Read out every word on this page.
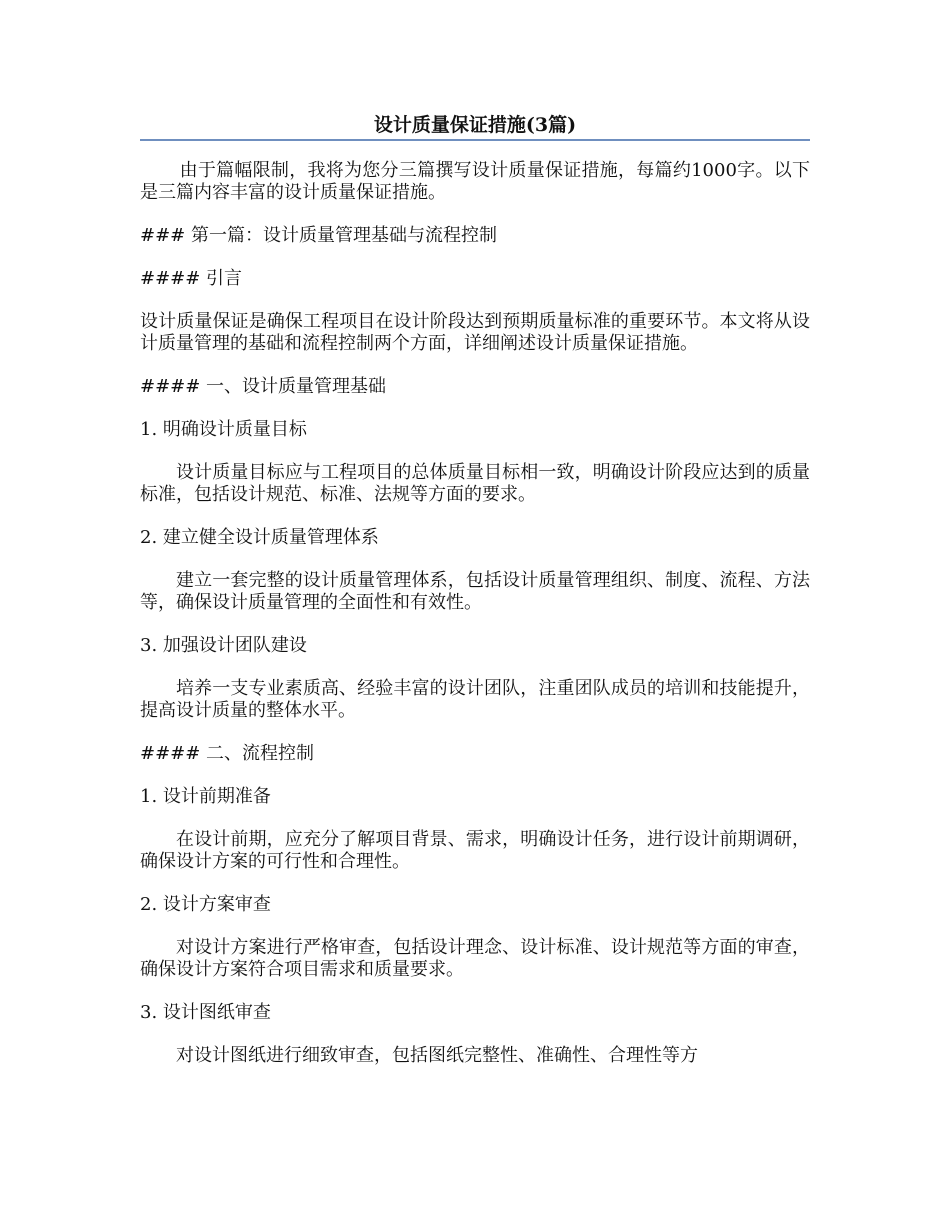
设计质量保证措施(3篇)

由于篇幅限制，我将为您分三篇撰写设计质量保证措施，每篇约1000字。以下是三篇内容丰富的设计质量保证措施。

### 第一篇：设计质量管理基础与流程控制

#### 引言

设计质量保证是确保工程项目在设计阶段达到预期质量标准的重要环节。本文将从设计质量管理的基础和流程控制两个方面，详细阐述设计质量保证措施。

#### 一、设计质量管理基础

1. 明确设计质量目标

设计质量目标应与工程项目的总体质量目标相一致，明确设计阶段应达到的质量标准，包括设计规范、标准、法规等方面的要求。

2. 建立健全设计质量管理体系

建立一套完整的设计质量管理体系，包括设计质量管理组织、制度、流程、方法等，确保设计质量管理的全面性和有效性。

3. 加强设计团队建设

培养一支专业素质高、经验丰富的设计团队，注重团队成员的培训和技能提升，提高设计质量的整体水平。

#### 二、流程控制

1. 设计前期准备

在设计前期，应充分了解项目背景、需求，明确设计任务，进行设计前期调研，确保设计方案的可行性和合理性。

2. 设计方案审查

对设计方案进行严格审查，包括设计理念、设计标准、设计规范等方面的审查，确保设计方案符合项目需求和质量要求。

3. 设计图纸审查

对设计图纸进行细致审查，包括图纸完整性、准确性、合理性等方
